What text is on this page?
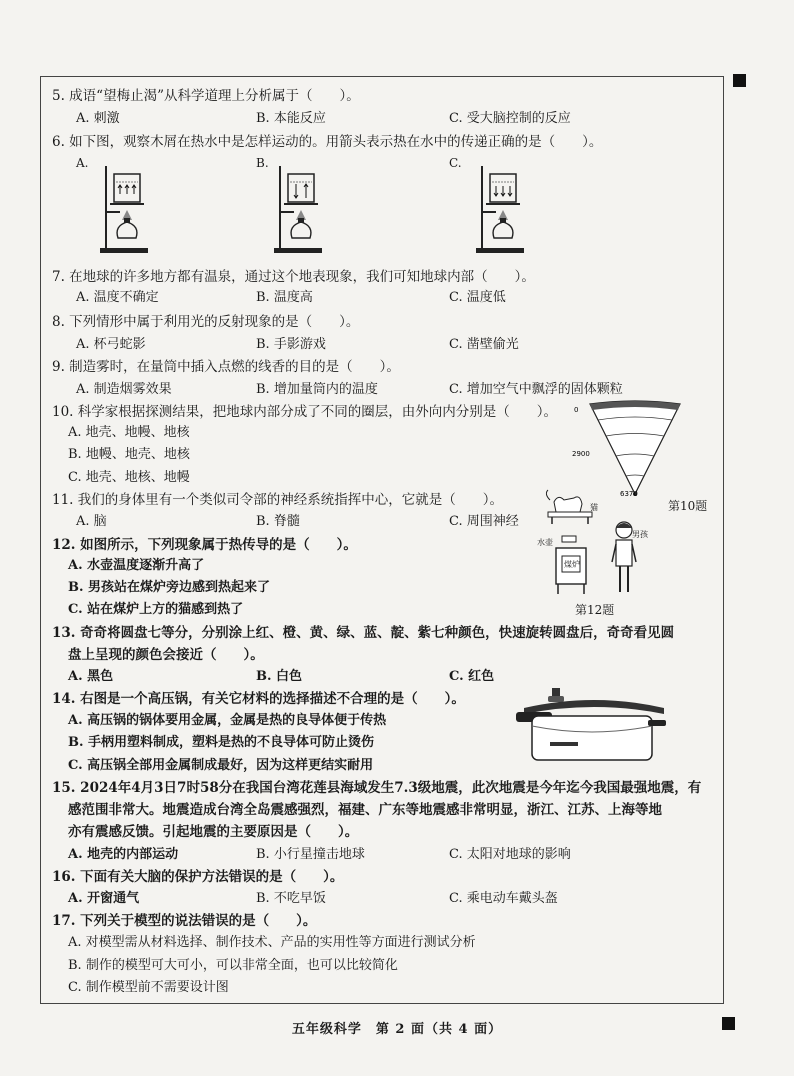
5. 成语“望梅止渴”从科学道理上分析属于（　　）。
A. 刺激	B. 本能反应	C. 受大脑控制的反应
6. 如下图，观察木屑在热水中是怎样运动的。用箭头表示热在水中的传递正确的是（　　）。
A.	B.	C.
7. 在地球的许多地方都有温泉，通过这个地表现象，我们可知地球内部（　　）。
A. 温度不确定	B. 温度高	C. 温度低
8. 下列情形中属于利用光的反射现象的是（　　）。
A. 杯弓蛇影	B. 手影游戏	C. 凿壁偷光
9. 制造雾时，在量筒中插入点燃的线香的目的是（　　）。
A. 制造烟雾效果	B. 增加量筒内的温度	C. 增加空气中飘浮的固体颗粒
10. 科学家根据探测结果，把地球内部分成了不同的圈层，由外向内分别是（　　）。
A. 地壳、地幔、地核
B. 地幔、地壳、地核
C. 地壳、地核、地幔
0
2900
6370
第10题
11. 我们的身体里有一个类似司令部的神经系统指挥中心，它就是（　　）。
A. 脑	B. 脊髓	C. 周围神经
猫
男孩
水壶
煤炉
第12题
12. 如图所示，下列现象属于热传导的是（　　）。
A. 水壶温度逐渐升高了
B. 男孩站在煤炉旁边感到热起来了
C. 站在煤炉上方的猫感到热了
13. 奇奇将圆盘七等分，分别涂上红、橙、黄、绿、蓝、靛、紫七种颜色，快速旋转圆盘后，奇奇看见圆
盘上呈现的颜色会接近（　　）。
A. 黑色	B. 白色	C. 红色
14. 右图是一个高压锅，有关它材料的选择描述不合理的是（　　）。
A. 高压锅的锅体要用金属，金属是热的良导体便于传热
B. 手柄用塑料制成，塑料是热的不良导体可防止烫伤
C. 高压锅全部用金属制成最好，因为这样更结实耐用
15. 2024年4月3日7时58分在我国台湾花莲县海域发生7.3级地震，此次地震是今年迄今我国最强地震，有
感范围非常大。地震造成台湾全岛震感强烈，福建、广东等地震感非常明显，浙江、江苏、上海等地
亦有震感反馈。引起地震的主要原因是（　　）。
A. 地壳的内部运动	B. 小行星撞击地球	C. 太阳对地球的影响
16. 下面有关大脑的保护方法错误的是（　　）。
A. 开窗通气	B. 不吃早饭	C. 乘电动车戴头盔
17. 下列关于模型的说法错误的是（　　）。
A. 对模型需从材料选择、制作技术、产品的实用性等方面进行测试分析
B. 制作的模型可大可小，可以非常全面，也可以比较简化
C. 制作模型前不需要设计图
五年级科学　第 2 面（共 4 面）
